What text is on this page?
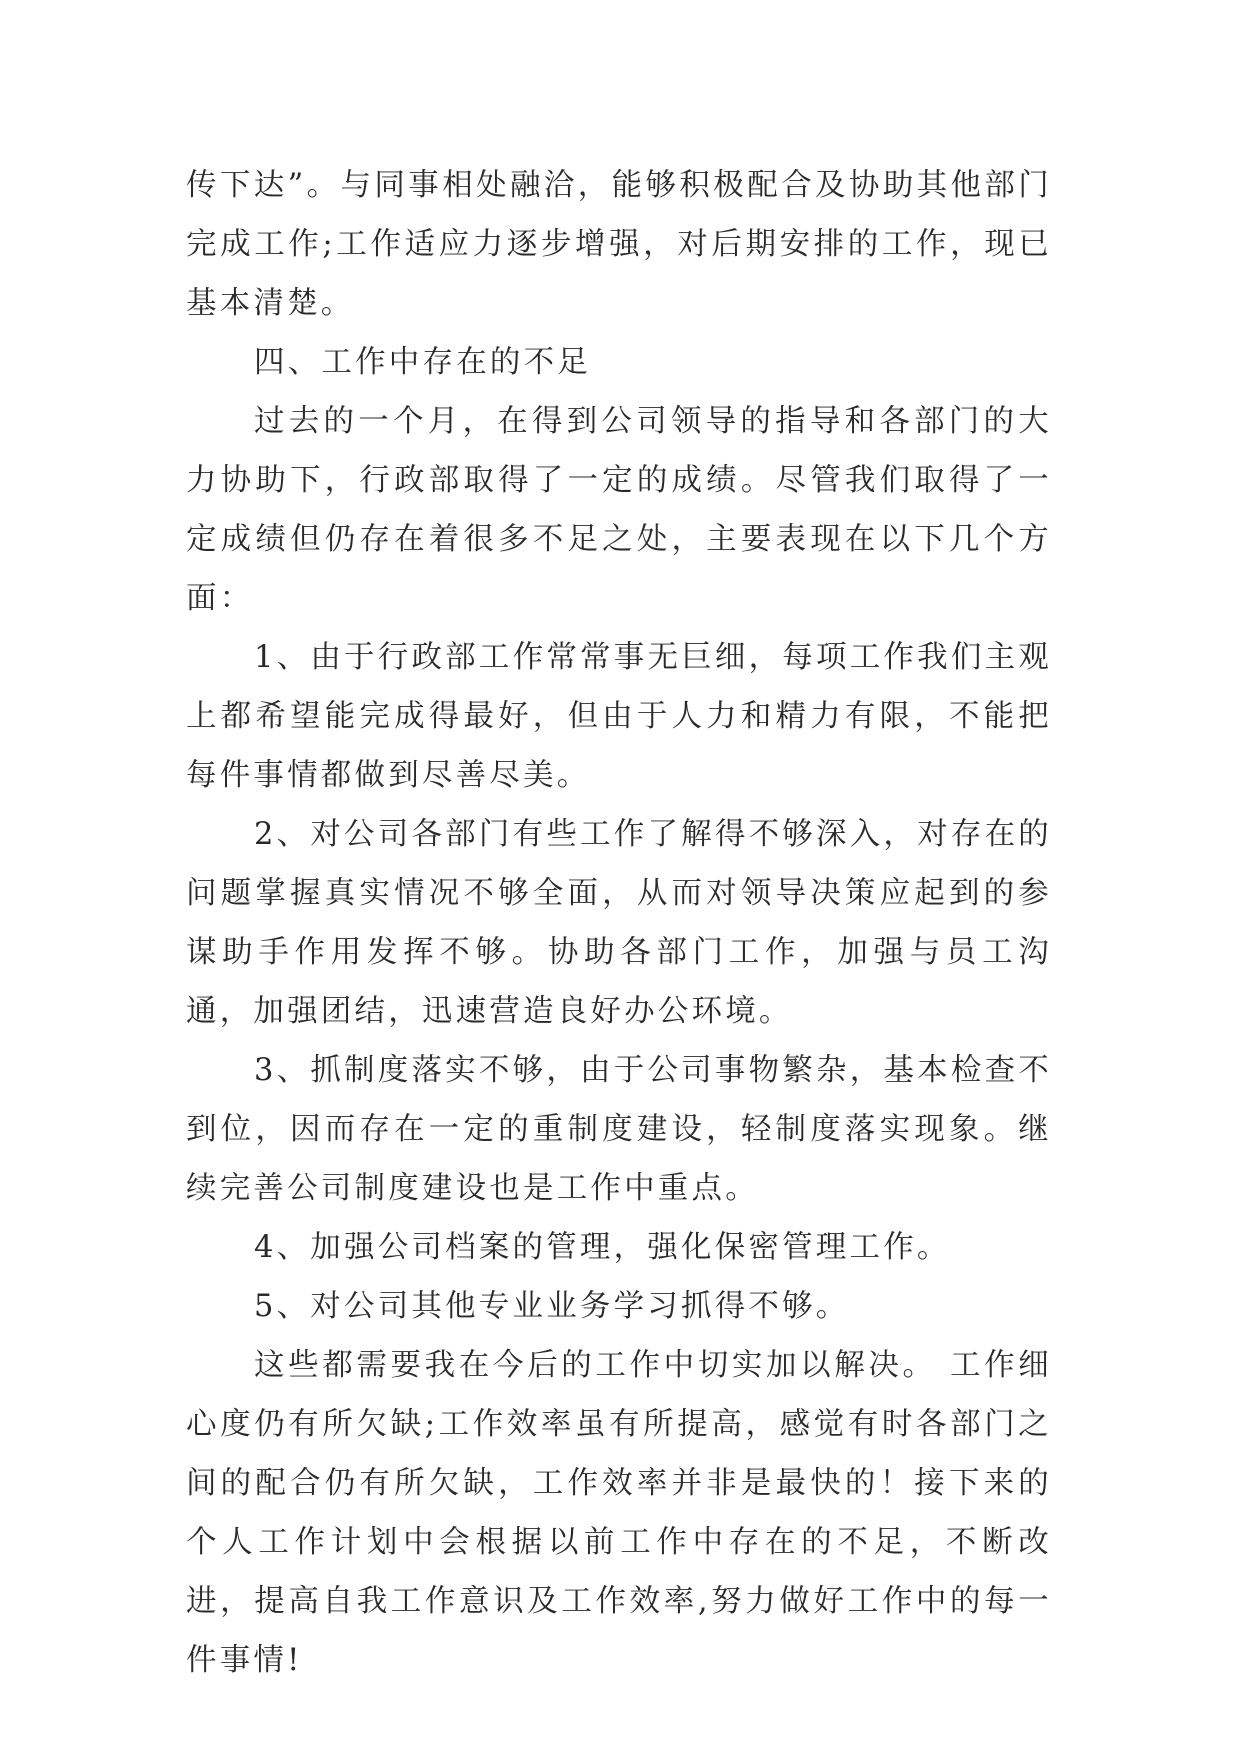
传下达”。与同事相处融洽，能够积极配合及协助其他部门完成工作;工作适应力逐步增强，对后期安排的工作，现已基本清楚。

四、工作中存在的不足

过去的一个月，在得到公司领导的指导和各部门的大力协助下，行政部取得了一定的成绩。尽管我们取得了一定成绩但仍存在着很多不足之处，主要表现在以下几个方面：

1、由于行政部工作常常事无巨细，每项工作我们主观上都希望能完成得最好，但由于人力和精力有限，不能把每件事情都做到尽善尽美。

2、对公司各部门有些工作了解得不够深入，对存在的问题掌握真实情况不够全面，从而对领导决策应起到的参谋助手作用发挥不够。协助各部门工作，加强与员工沟通，加强团结，迅速营造良好办公环境。

3、抓制度落实不够，由于公司事物繁杂，基本检查不到位，因而存在一定的重制度建设，轻制度落实现象。继续完善公司制度建设也是工作中重点。

4、加强公司档案的管理，强化保密管理工作。

5、对公司其他专业业务学习抓得不够。

这些都需要我在今后的工作中切实加以解决。 工作细心度仍有所欠缺;工作效率虽有所提高，感觉有时各部门之间的配合仍有所欠缺，工作效率并非是最快的！接下来的个人工作计划中会根据以前工作中存在的不足，不断改进，提高自我工作意识及工作效率,努力做好工作中的每一件事情!
